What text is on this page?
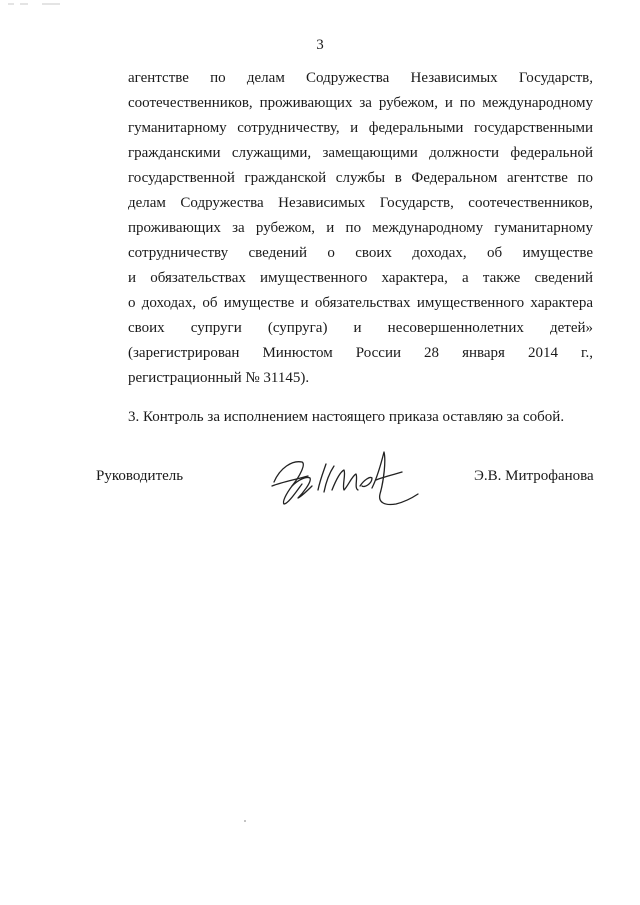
3
агентстве по делам Содружества Независимых Государств,
соотечественников, проживающих за рубежом, и по международному
гуманитарному сотрудничеству, и федеральными государственными
гражданскими служащими, замещающими должности федеральной
государственной гражданской службы в Федеральном агентстве по
делам Содружества Независимых Государств, соотечественников,
проживающих за рубежом, и по международному гуманитарному
сотрудничеству сведений о своих доходах, об имуществе
и обязательствах имущественного характера, а также сведений
о доходах, об имуществе и обязательствах имущественного характера
своих супруги (супруга) и несовершеннолетних детей»
(зарегистрирован Минюстом России 28 января 2014 г.,
регистрационный № 31145).
3. Контроль за исполнением настоящего приказа оставляю за собой.
Руководитель	Э.В. Митрофанова
